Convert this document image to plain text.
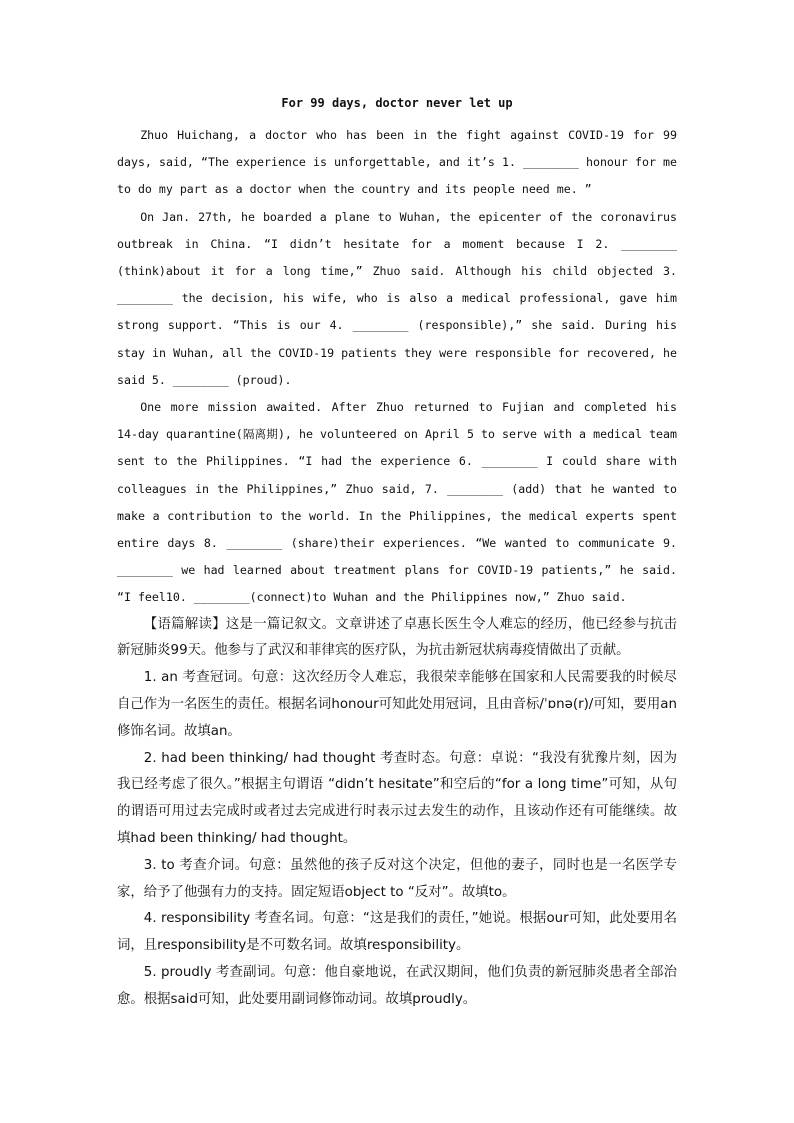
For 99 days, doctor never let up

Zhuo Huichang, a doctor who has been in the fight against COVID-19 for 99 days, said, “The experience is unforgettable, and it’s 1. ________ honour for me to do my part as a doctor when the country and its people need me. ”

On Jan. 27th, he boarded a plane to Wuhan, the epicenter of the coronavirus outbreak in China. “I didn’t hesitate for a moment because I 2. ________ (think)about it for a long time,” Zhuo said. Although his child objected 3. ________ the decision, his wife, who is also a medical professional, gave him strong support. “This is our 4. ________ (responsible),” she said. During his stay in Wuhan, all the COVID-19 patients they were responsible for recovered, he said 5. ________ (proud).

One more mission awaited. After Zhuo returned to Fujian and completed his 14-day quarantine(隔离期), he volunteered on April 5 to serve with a medical team sent to the Philippines. “I had the experience 6. ________ I could share with colleagues in the Philippines,” Zhuo said, 7. ________ (add) that he wanted to make a contribution to the world. In the Philippines, the medical experts spent entire days 8. ________ (share)their experiences. “We wanted to communicate 9. ________ we had learned about treatment plans for COVID-19 patients,” he said. “I feel10. ________(connect)to Wuhan and the Philippines now,” Zhuo said.

【语篇解读】这是一篇记叙文。文章讲述了卓惠长医生令人难忘的经历，他已经参与抗击新冠肺炎99天。他参与了武汉和菲律宾的医疗队，为抗击新冠状病毒疫情做出了贡献。

1. an 考查冠词。句意：这次经历令人难忘，我很荣幸能够在国家和人民需要我的时候尽自己作为一名医生的责任。根据名词honour可知此处用冠词，且由音标/ˈɒnə(r)/可知，要用an修饰名词。故填an。

2. had been thinking/ had thought 考查时态。句意：卓说：“我没有犹豫片刻，因为我已经考虑了很久。”根据主句谓语 “didn’t hesitate”和空后的“for a long time”可知，从句的谓语可用过去完成时或者过去完成进行时表示过去发生的动作，且该动作还有可能继续。故填had been thinking/ had thought。

3. to 考查介词。句意：虽然他的孩子反对这个决定，但他的妻子，同时也是一名医学专家，给予了他强有力的支持。固定短语object to “反对”。故填to。

4. responsibility 考查名词。句意：“这是我们的责任，”她说。根据our可知，此处要用名词，且responsibility是不可数名词。故填responsibility。

5. proudly 考查副词。句意：他自豪地说，在武汉期间，他们负责的新冠肺炎患者全部治愈。根据said可知，此处要用副词修饰动词。故填proudly。
